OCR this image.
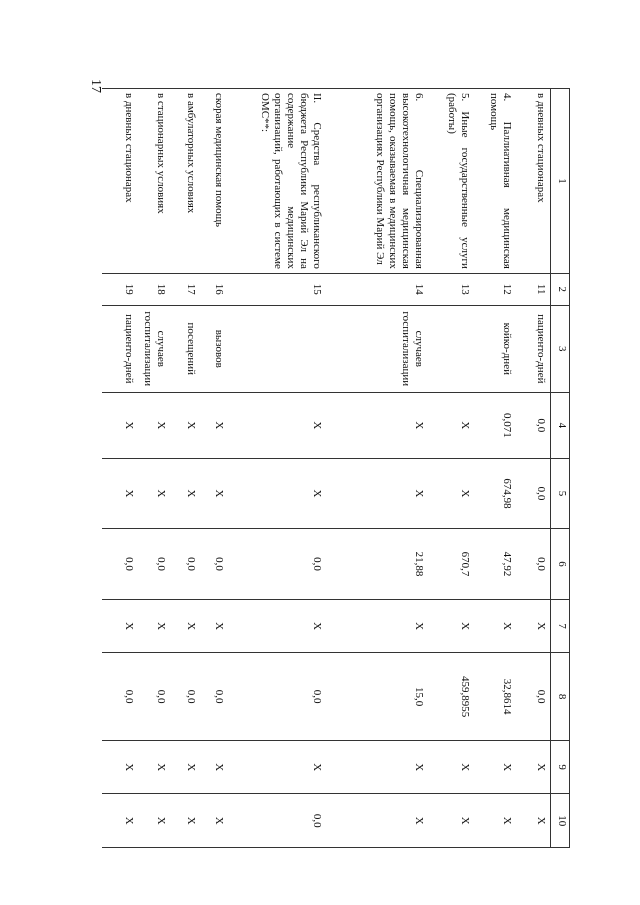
17
1	2	3	4	5	6	7	8	9	10

в дневных стационарах	11	пациенто-дней	0,0	0,0	0,0	X	0,0	X	X

4. Паллиативная медицинская помощь	12	койко-дней	0,071	674,98	47,92	X	32,8614	X	X

5. Иные государственные услуги (работы)	13		X	X	670,7	X	459,8955	X	X

6. Специализированная высокотехнологичная медицинская помощь, оказываемая в медицинских организациях Республики Марий Эл	14	случаев госпитализации	X	X	21,88	X	15,0	X	X

II. Средства республиканского бюджета Республики Марий Эл на содержание медицинских организаций, работающих в системе ОМС**:	15		X	X	0,0	X	0,0	X	0,0

скорая медицинская помощь	16	вызовов	X	X	0,0	X	0,0	X	X

в амбулаторных условиях	17	посещений	X	X	0,0	X	0,0	X	X

в стационарных условиях	18	случаев госпитализации	X	X	0,0	X	0,0	X	X

в дневных стационарах	19	пациенто-дней	X	X	0,0	X	0,0	X	X
